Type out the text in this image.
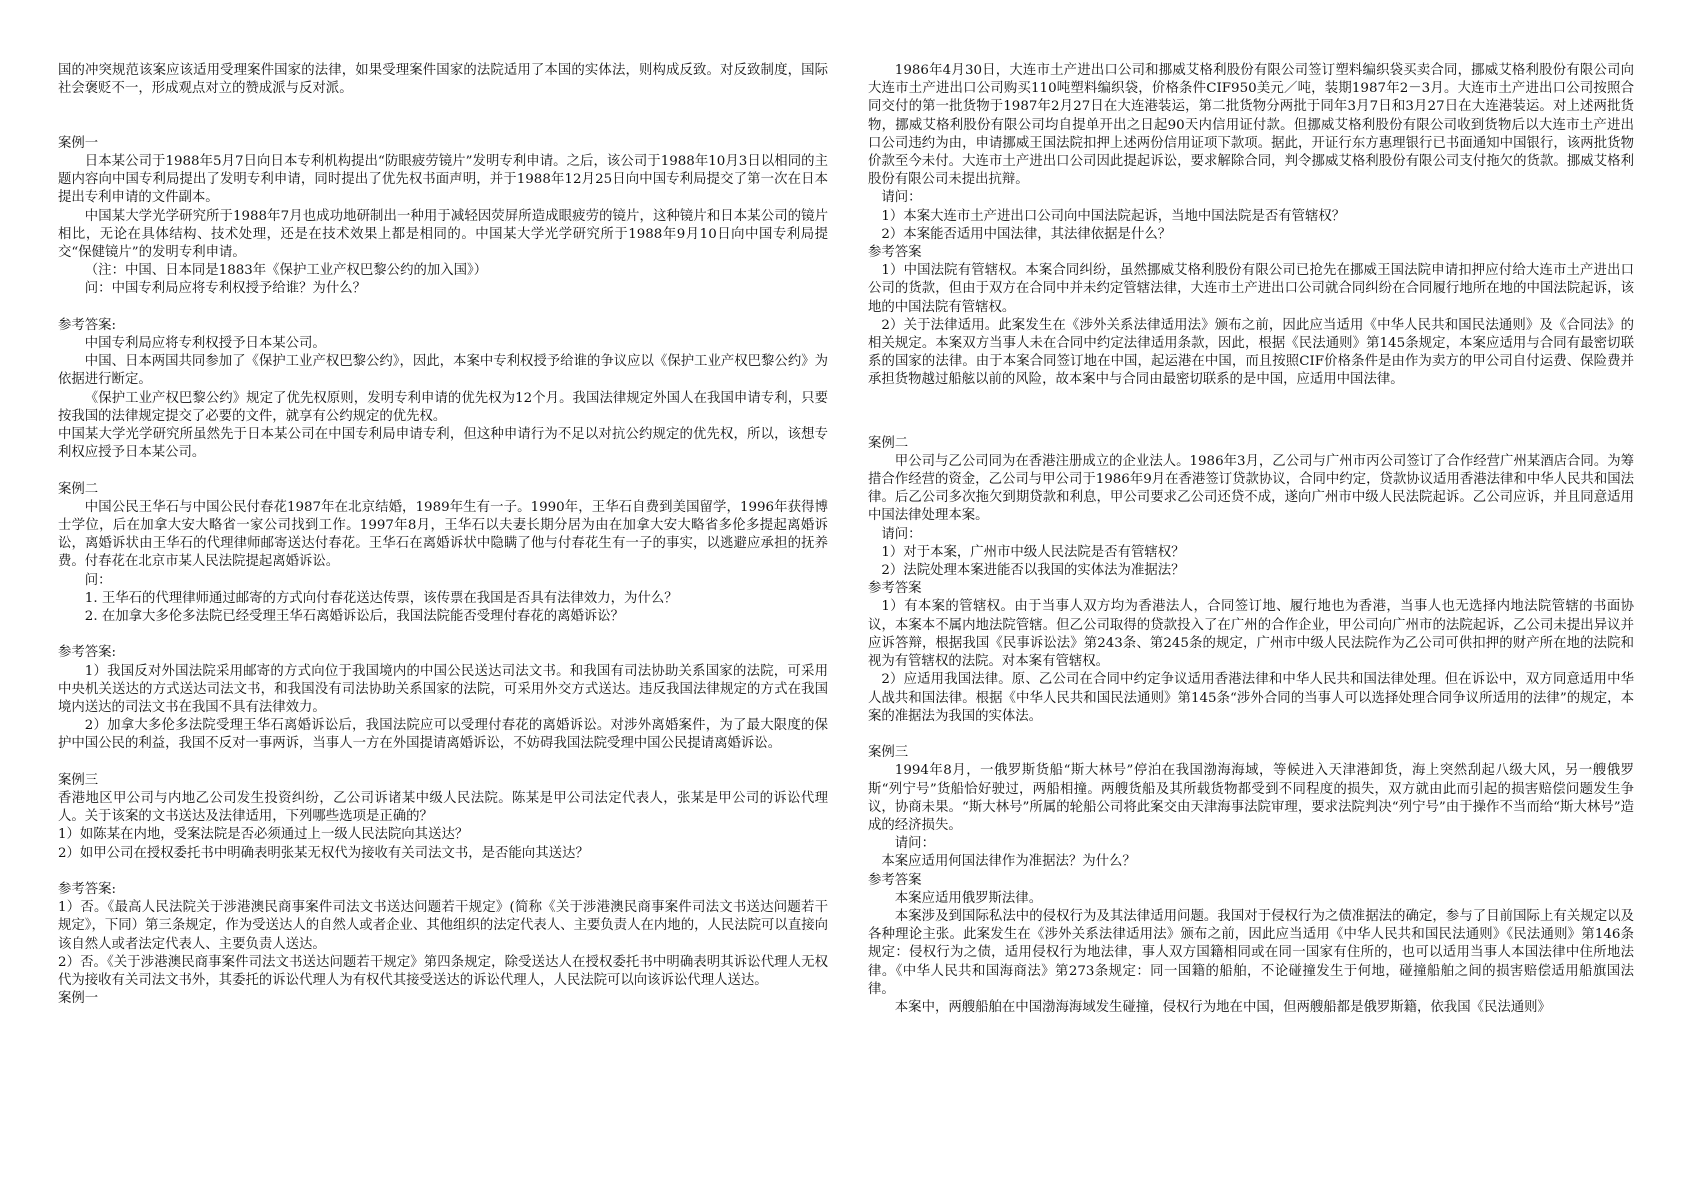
国的冲突规范该案应该适用受理案件国家的法律，如果受理案件国家的法院适用了本国的实体法，则构成反致。对反致制度，国际社会褒贬不一，形成观点对立的赞成派与反对派。

案例一

日本某公司于1988年5月7日向日本专利机构提出“防眼疲劳镜片”发明专利申请。之后，该公司于1988年10月3日以相同的主题内容向中国专利局提出了发明专利申请，同时提出了优先权书面声明，并于1988年12月25日向中国专利局提交了第一次在日本提出专利申请的文件副本。

中国某大学光学研究所于1988年7月也成功地研制出一种用于减轻因荧屏所造成眼疲劳的镜片，这种镜片和日本某公司的镜片相比，无论在具体结构、技术处理，还是在技术效果上都是相同的。中国某大学光学研究所于1988年9月10日向中国专利局提交“保健镜片”的发明专利申请。

（注：中国、日本同是1883年《保护工业产权巴黎公约的加入国》）

问：中国专利局应将专利权授予给谁？为什么？

参考答案:

中国专利局应将专利权授予日本某公司。

中国、日本两国共同参加了《保护工业产权巴黎公约》，因此，本案中专利权授予给谁的争议应以《保护工业产权巴黎公约》为依据进行断定。

《保护工业产权巴黎公约》规定了优先权原则，发明专利申请的优先权为12个月。我国法律规定外国人在我国申请专利，只要按我国的法律规定提交了必要的文件，就享有公约规定的优先权。

中国某大学光学研究所虽然先于日本某公司在中国专利局申请专利，但这种申请行为不足以对抗公约规定的优先权，所以，该想专利权应授予日本某公司。

案例二

中国公民王华石与中国公民付春花1987年在北京结婚，1989年生有一子。1990年，王华石自费到美国留学，1996年获得博士学位，后在加拿大安大略省一家公司找到工作。1997年8月，王华石以夫妻长期分居为由在加拿大安大略省多伦多提起离婚诉讼，离婚诉状由王华石的代理律师邮寄送达付春花。王华石在离婚诉状中隐瞒了他与付春花生有一子的事实，以逃避应承担的抚养费。付春花在北京市某人民法院提起离婚诉讼。

问：

1. 王华石的代理律师通过邮寄的方式向付春花送达传票，该传票在我国是否具有法律效力，为什么？

2. 在加拿大多伦多法院已经受理王华石离婚诉讼后，我国法院能否受理付春花的离婚诉讼？

参考答案:

1）我国反对外国法院采用邮寄的方式向位于我国境内的中国公民送达司法文书。和我国有司法协助关系国家的法院，可采用中央机关送达的方式送达司法文书，和我国没有司法协助关系国家的法院，可采用外交方式送达。违反我国法律规定的方式在我国境内送达的司法文书在我国不具有法律效力。

2）加拿大多伦多法院受理王华石离婚诉讼后，我国法院应可以受理付春花的离婚诉讼。对涉外离婚案件，为了最大限度的保护中国公民的利益，我国不反对一事两诉，当事人一方在外国提请离婚诉讼，不妨碍我国法院受理中国公民提请离婚诉讼。

案例三

香港地区甲公司与内地乙公司发生投资纠纷，乙公司诉诸某中级人民法院。陈某是甲公司法定代表人，张某是甲公司的诉讼代理人。关于该案的文书送达及法律适用，下列哪些选项是正确的？

1）如陈某在内地，受案法院是否必须通过上一级人民法院向其送达？

2）如甲公司在授权委托书中明确表明张某无权代为接收有关司法文书，是否能向其送达？

参考答案:

1）否。《最高人民法院关于涉港澳民商事案件司法文书送达问题若干规定》(简称《关于涉港澳民商事案件司法文书送达问题若干规定》，下同）第三条规定，作为受送达人的自然人或者企业、其他组织的法定代表人、主要负责人在内地的，人民法院可以直接向该自然人或者法定代表人、主要负责人送达。

2）否。《关于涉港澳民商事案件司法文书送达问题若干规定》第四条规定，除受送达人在授权委托书中明确表明其诉讼代理人无权代为接收有关司法文书外，其委托的诉讼代理人为有权代其接受送达的诉讼代理人，人民法院可以向该诉讼代理人送达。

案例一

1986年4月30日，大连市土产进出口公司和挪威艾格利股份有限公司签订塑料编织袋买卖合同，挪威艾格利股份有限公司向大连市土产进出口公司购买110吨塑料编织袋，价格条件CIF950美元／吨，装期1987年2－3月。大连市土产进出口公司按照合同交付的第一批货物于1987年2月27日在大连港装运，第二批货物分两批于同年3月7日和3月27日在大连港装运。对上述两批货物，挪威艾格利股份有限公司均自提单开出之日起90天内信用证付款。但挪威艾格利股份有限公司收到货物后以大连市土产进出口公司违约为由，申请挪威王国法院扣押上述两份信用证项下款项。据此，开证行东方惠理银行已书面通知中国银行，该两批货物价款至今未付。大连市土产进出口公司因此提起诉讼，要求解除合同，判令挪威艾格利股份有限公司支付拖欠的货款。挪威艾格利股份有限公司未提出抗辩。

请问：

1）本案大连市土产进出口公司向中国法院起诉，当地中国法院是否有管辖权？

2）本案能否适用中国法律，其法律依据是什么？

参考答案

1）中国法院有管辖权。本案合同纠纷，虽然挪威艾格利股份有限公司已抢先在挪威王国法院申请扣押应付给大连市土产进出口公司的货款，但由于双方在合同中并未约定管辖法律，大连市土产进出口公司就合同纠纷在合同履行地所在地的中国法院起诉，该地的中国法院有管辖权。

2）关于法律适用。此案发生在《涉外关系法律适用法》颁布之前，因此应当适用《中华人民共和国民法通则》及《合同法》的相关规定。本案双方当事人未在合同中约定法律适用条款，因此，根据《民法通则》第145条规定，本案应适用与合同有最密切联系的国家的法律。由于本案合同签订地在中国，起运港在中国，而且按照CIF价格条件是由作为卖方的甲公司自付运费、保险费并承担货物越过船舷以前的风险，故本案中与合同由最密切联系的是中国，应适用中国法律。

案例二

甲公司与乙公司同为在香港注册成立的企业法人。1986年3月，乙公司与广州市丙公司签订了合作经营广州某酒店合同。为筹措合作经营的资金，乙公司与甲公司于1986年9月在香港签订贷款协议，合同中约定，贷款协议适用香港法律和中华人民共和国法律。后乙公司多次拖欠到期贷款和利息，甲公司要求乙公司还贷不成，遂向广州市中级人民法院起诉。乙公司应诉，并且同意适用中国法律处理本案。

请问：

1）对于本案，广州市中级人民法院是否有管辖权？

2）法院处理本案进能否以我国的实体法为准据法？

参考答案

1）有本案的管辖权。由于当事人双方均为香港法人，合同签订地、履行地也为香港，当事人也无选择内地法院管辖的书面协议，本案本不属内地法院管辖。但乙公司取得的贷款投入了在广州的合作企业，甲公司向广州市的法院起诉，乙公司未提出异议并应诉答辩，根据我国《民事诉讼法》第243条、第245条的规定，广州市中级人民法院作为乙公司可供扣押的财产所在地的法院和视为有管辖权的法院。对本案有管辖权。

2）应适用我国法律。原、乙公司在合同中约定争议适用香港法律和中华人民共和国法律处理。但在诉讼中，双方同意适用中华人战共和国法律。根据《中华人民共和国民法通则》第145条“涉外合同的当事人可以选择处理合同争议所适用的法律”的规定，本案的准据法为我国的实体法。

案例三

1994年8月，一俄罗斯货船“斯大林号”停泊在我国渤海海域，等候进入天津港卸货，海上突然刮起八级大风，另一艘俄罗斯“列宁号”货船恰好驶过，两船相撞。两艘货船及其所载货物都受到不同程度的损失，双方就由此而引起的损害赔偿问题发生争议，协商未果。“斯大林号”所属的轮船公司将此案交由天津海事法院审理，要求法院判决“列宁号”由于操作不当而给“斯大林号”造成的经济损失。

请问：

本案应适用何国法律作为准据法？为什么？

参考答案

本案应适用俄罗斯法律。

本案涉及到国际私法中的侵权行为及其法律适用问题。我国对于侵权行为之债准据法的确定，参与了目前国际上有关规定以及各种理论主张。此案发生在《涉外关系法律适用法》颁布之前，因此应当适用《中华人民共和国民法通则》《民法通则》第146条规定：侵权行为之债，适用侵权行为地法律，事人双方国籍相同或在同一国家有住所的，也可以适用当事人本国法律中住所地法律。《中华人民共和国海商法》第273条规定：同一国籍的船舶，不论碰撞发生于何地，碰撞船舶之间的损害赔偿适用船旗国法律。

本案中，两艘船舶在中国渤海海域发生碰撞，侵权行为地在中国，但两艘船都是俄罗斯籍，依我国《民法通则》
